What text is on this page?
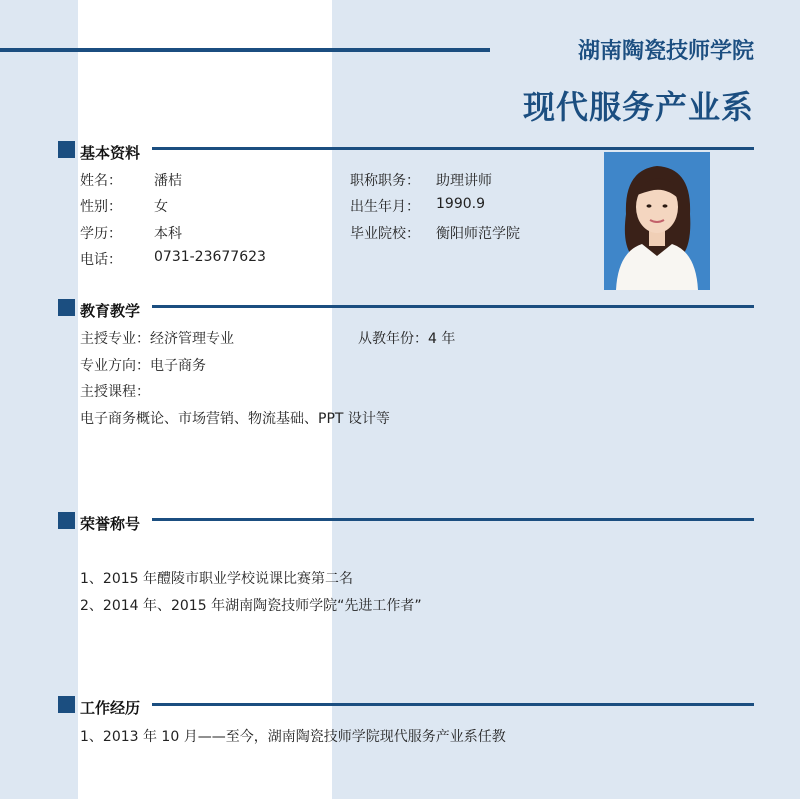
湖南陶瓷技师学院
现代服务产业系
基本资料
姓名： 潘桔
性别： 女
学历： 本科
电话： 0731-23677623
职称职务： 助理讲师
出生年月： 1990.9
毕业院校： 衡阳师范学院
教育教学
主授专业：经济管理专业	从教年份：4 年
专业方向：电子商务
主授课程：
电子商务概论、市场营销、物流基础、PPT 设计等
荣誉称号
1、2015 年醴陵市职业学校说课比赛第二名
2、2014 年、2015 年湖南陶瓷技师学院“先进工作者”
工作经历
1、2013 年 10 月——至今，湖南陶瓷技师学院现代服务产业系任教
